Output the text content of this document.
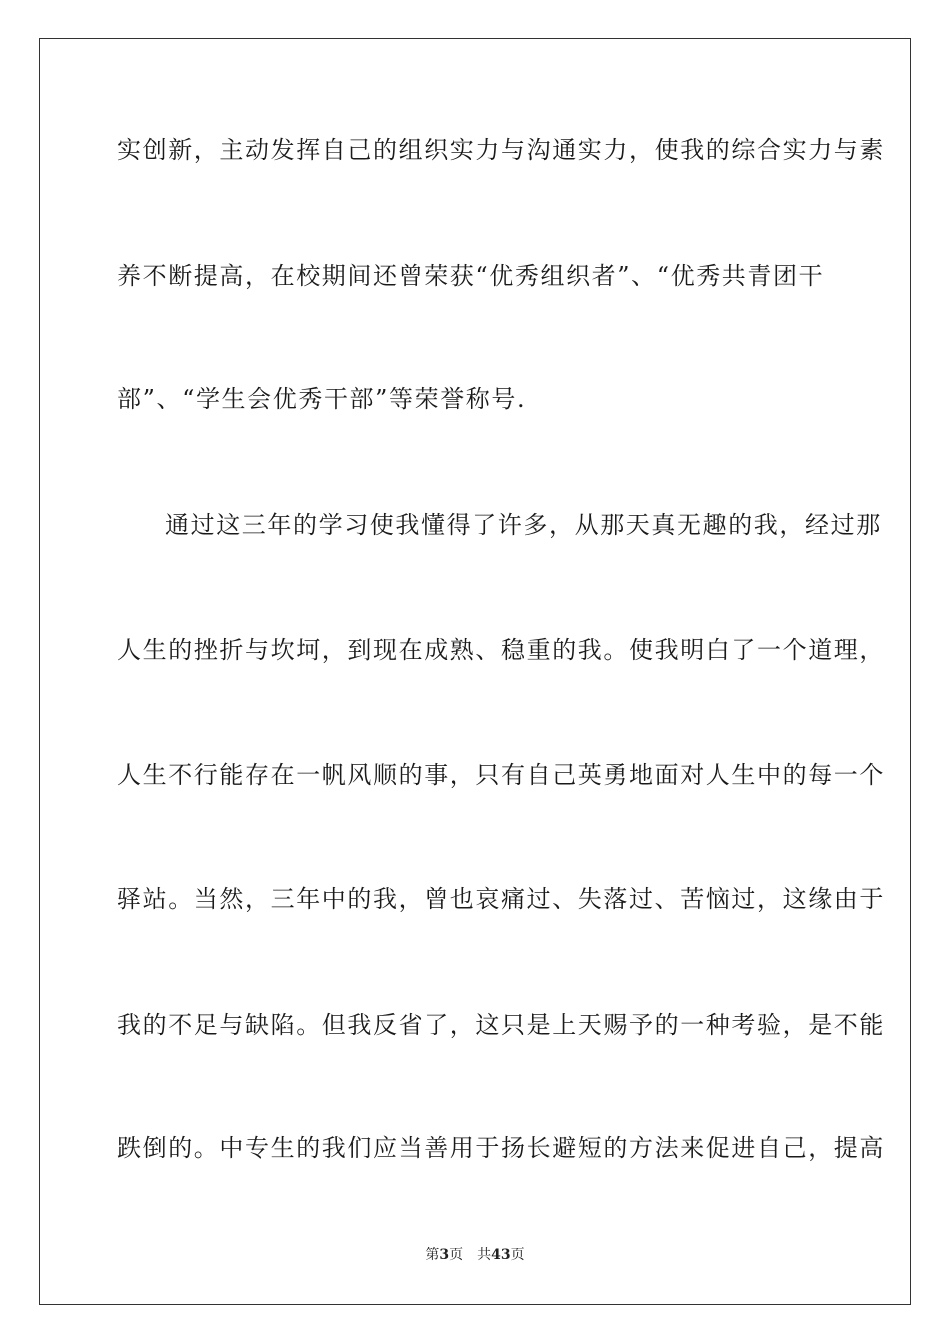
实创新，主动发挥自己的组织实力与沟通实力，使我的综合实力与素
养不断提高，在校期间还曾荣获“优秀组织者”、“优秀共青团干
部”、“学生会优秀干部”等荣誉称号.
通过这三年的学习使我懂得了许多，从那天真无趣的我，经过那
人生的挫折与坎坷，到现在成熟、稳重的我。使我明白了一个道理，
人生不行能存在一帆风顺的事，只有自己英勇地面对人生中的每一个
驿站。当然，三年中的我，曾也哀痛过、失落过、苦恼过，这缘由于
我的不足与缺陷。但我反省了，这只是上天赐予的一种考验，是不能
跌倒的。中专生的我们应当善用于扬长避短的方法来促进自己，提高
第3页 共43页
